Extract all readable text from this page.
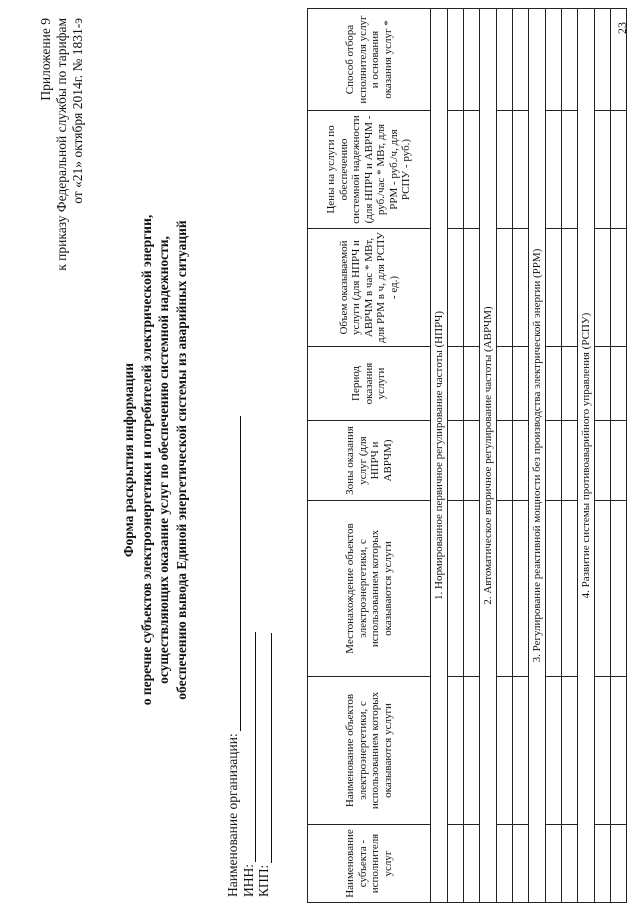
Приложение 9 к приказу Федеральной службы по тарифам от «21» октября 2014г. № 1831-э
Форма раскрытия информации о перечне субъектов электроэнергетики и потребителей электрической энергии, осуществляющих оказание услуг по обеспечению системной надежности, обеспечению вывода Единой энергетической системы из аварийных ситуаций
Наименование организации: ИНН: КПП:	Наименование субъекта - исполнителя услуг	Наименование объектов электроэнергетики, с использованием которых оказываются услуги	Местонахождение объектов электроэнергетики, с использованием которых оказываются услуги	Зоны оказания услуг (для НПРЧ и АВРЧМ)	Период оказания услуги	Объем оказываемой услуги (для НПРЧ и АВРЧМ в час * МВт, для РРМ в ч, для РСПУ - ед.)	Цены на услуги по обеспечению системной надежности (для НПРЧ и АВРЧМ - руб./час * МВт, для РРМ - руб./ч, для РСПУ - руб.)	Способ отбора исполнителя услуг и основания оказания услуг *
1. Нормированное первичное регулирование частоты (НПРЧ)							

2. Автоматическое вторичное регулирование частоты (АВРЧМ)							

3. Регулирование реактивной мощности без производства электрической энергии (РРМ)							

4. Развитие системы противоаварийного управления (РСПУ)							

23
